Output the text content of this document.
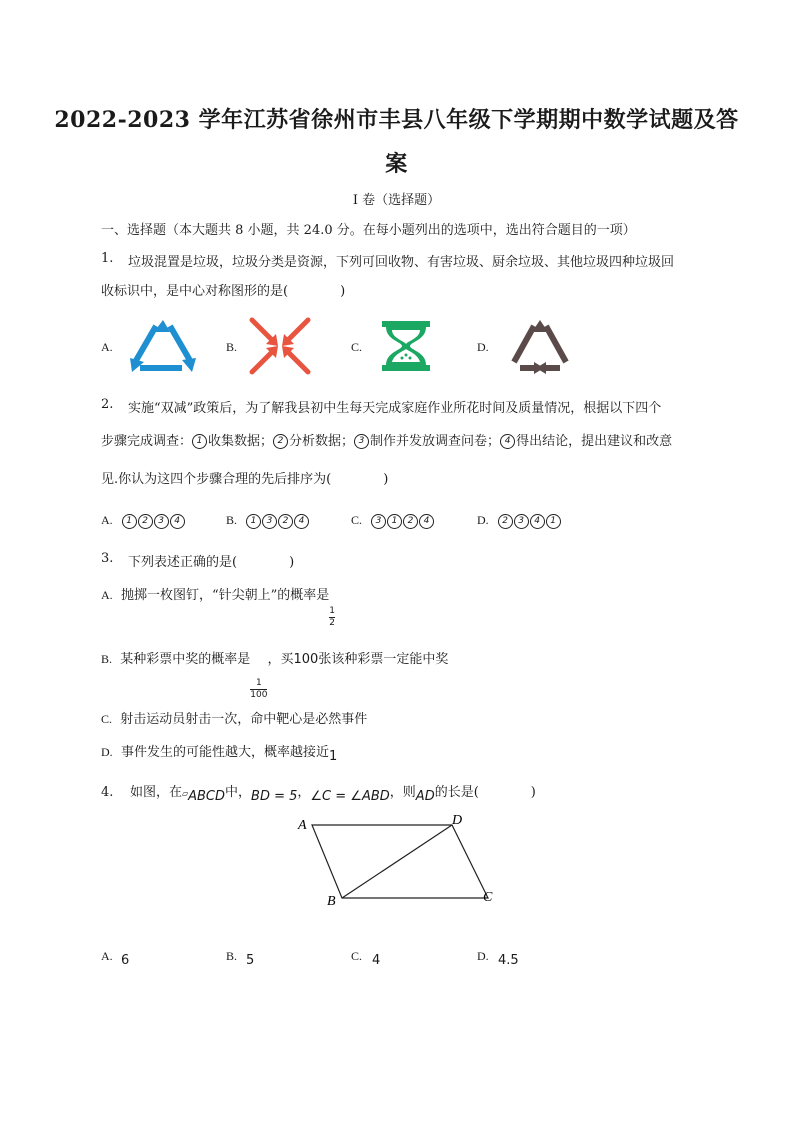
2022-2023 学年江苏省徐州市丰县八年级下学期期中数学试题及答
案
I 卷（选择题）
一、选择题（本大题共 8 小题，共 24.0 分。在每小题列出的选项中，选出符合题目的一项）
1. 垃圾混置是垃圾，垃圾分类是资源，下列可回收物、有害垃圾、厨余垃圾、其他垃圾四种垃圾回
收标识中，是中心对称图形的是(　　　　)
A.	B.	C.	D.
2. 实施“双减”政策后，为了解我县初中生每天完成家庭作业所花时间及质量情况，根据以下四个
步骤完成调查： 1 收集数据； 2 分析数据； 3 制作并发放调查问卷； 4 得出结论，提出建议和改意
见.你认为这四个步骤合理的先后排序为(　　　　)
A. 1 2 3 4	B. 1 3 2 4	C. 3 1 2 4	D. 2 3 4 1
3. 下列表述正确的是(　　　　)
A. 抛掷一枚图钉，“针尖朝上”的概率是
$\frac{1}{2}$
B. 某种彩票中奖的概率是
$\frac{1}{100}$
，买100张该种彩票一定能中奖
C. 射击运动员射击一次，命中靶心是必然事件
D. 事件发生的可能性越大，概率越接近1
4. 如图，在▱ABCD中，BD = 5，∠C = ∠ABD，则AD的长是(　　　　)
A	D
B	C
A. 6	B. 5	C. 4	D. 4.5
